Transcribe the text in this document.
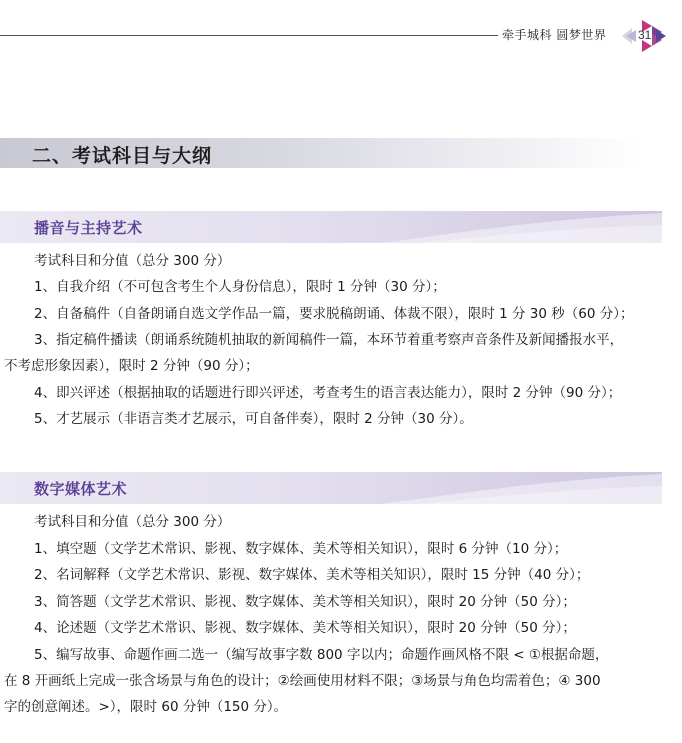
牵手城科 圆梦世界	31
二、考试科目与大纲
播音与主持艺术
考试科目和分值（总分 300 分）
1、自我介绍（不可包含考生个人身份信息），限时 1 分钟（30 分）；
2、自备稿件（自备朗诵自选文学作品一篇，要求脱稿朗诵、体裁不限），限时 1 分 30 秒（60 分）；
3、指定稿件播读（朗诵系统随机抽取的新闻稿件一篇，本环节着重考察声音条件及新闻播报水平，
不考虑形象因素），限时 2 分钟（90 分）；
4、即兴评述（根据抽取的话题进行即兴评述，考查考生的语言表达能力），限时 2 分钟（90 分）；
5、才艺展示（非语言类才艺展示，可自备伴奏），限时 2 分钟（30 分）。
数字媒体艺术
考试科目和分值（总分 300 分）
1、填空题（文学艺术常识、影视、数字媒体、美术等相关知识），限时 6 分钟（10 分）；
2、名词解释（文学艺术常识、影视、数字媒体、美术等相关知识），限时 15 分钟（40 分）；
3、简答题（文学艺术常识、影视、数字媒体、美术等相关知识），限时 20 分钟（50 分）；
4、论述题（文学艺术常识、影视、数字媒体、美术等相关知识），限时 20 分钟（50 分）；
5、编写故事、命题作画二选一（编写故事字数 800 字以内；命题作画风格不限 < ①根据命题，
在 8 开画纸上完成一张含场景与角色的设计；②绘画使用材料不限；③场景与角色均需着色；④ 300
字的创意阐述。>），限时 60 分钟（150 分）。
